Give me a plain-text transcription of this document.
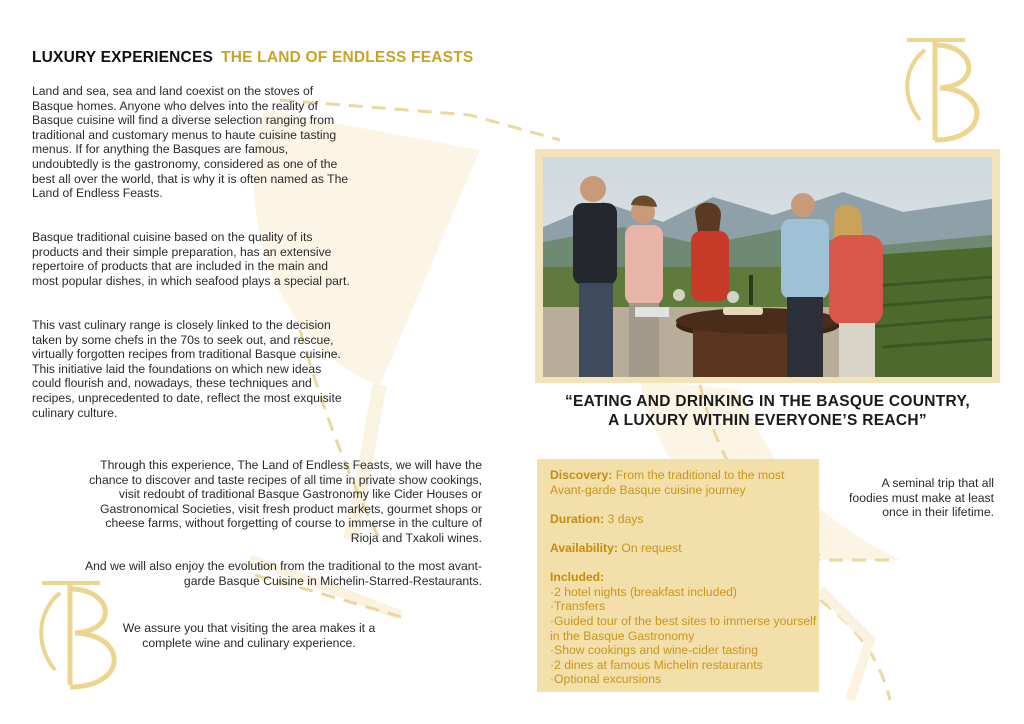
B
LUXURY EXPERIENCES THE LAND OF ENDLESS FEASTS
Land and sea, sea and land coexist on the stoves of Basque homes. Anyone who delves into the reality of Basque cuisine will find a diverse selection ranging from traditional and customary menus to haute cuisine tasting menus. If for anything the Basques are famous, undoubtedly is the gastronomy, considered as one of the best all over the world, that is why it is often named as The Land of Endless Feasts.
Basque traditional cuisine based on the quality of its products and their simple preparation, has an extensive repertoire of products that are included in the main and most popular dishes, in which seafood plays a special part.
This vast culinary range is closely linked to the decision taken by some chefs in the 70s to seek out, and rescue, virtually forgotten recipes from traditional Basque cuisine. This initiative laid the foundations on which new ideas could flourish and, nowadays, these techniques and recipes, unprecedented to date, reflect the most exquisite culinary culture.
Through this experience, The Land of Endless Feasts, we will have the chance to discover and taste recipes of all time in private show cookings, visit redoubt of traditional Basque Gastronomy like Cider Houses or Gastronomical Societies, visit fresh product markets, gourmet shops or cheese farms, without forgetting of course to immerse in the culture of Rioja and Txakoli wines.
And we will also enjoy the evolution from the traditional to the most avant-garde Basque Cuisine in Michelin-Starred-Restaurants.
We assure you that visiting the area makes it a complete wine and culinary experience.
“EATING AND DRINKING IN THE BASQUE COUNTRY,
A LUXURY WITHIN EVERYONE’S REACH”
Discovery: From the traditional to the most Avant-garde Basque cuisine journey
Duration: 3 days
Availability: On request
Included:
·2 hotel nights (breakfast included)
·Transfers
·Guided tour of the best sites to immerse yourself in the Basque Gastronomy
·Show cookings and wine-cider tasting
·2 dines at famous Michelin restaurants
·Optional excursions
A seminal trip that all foodies must make at least once in their lifetime.
